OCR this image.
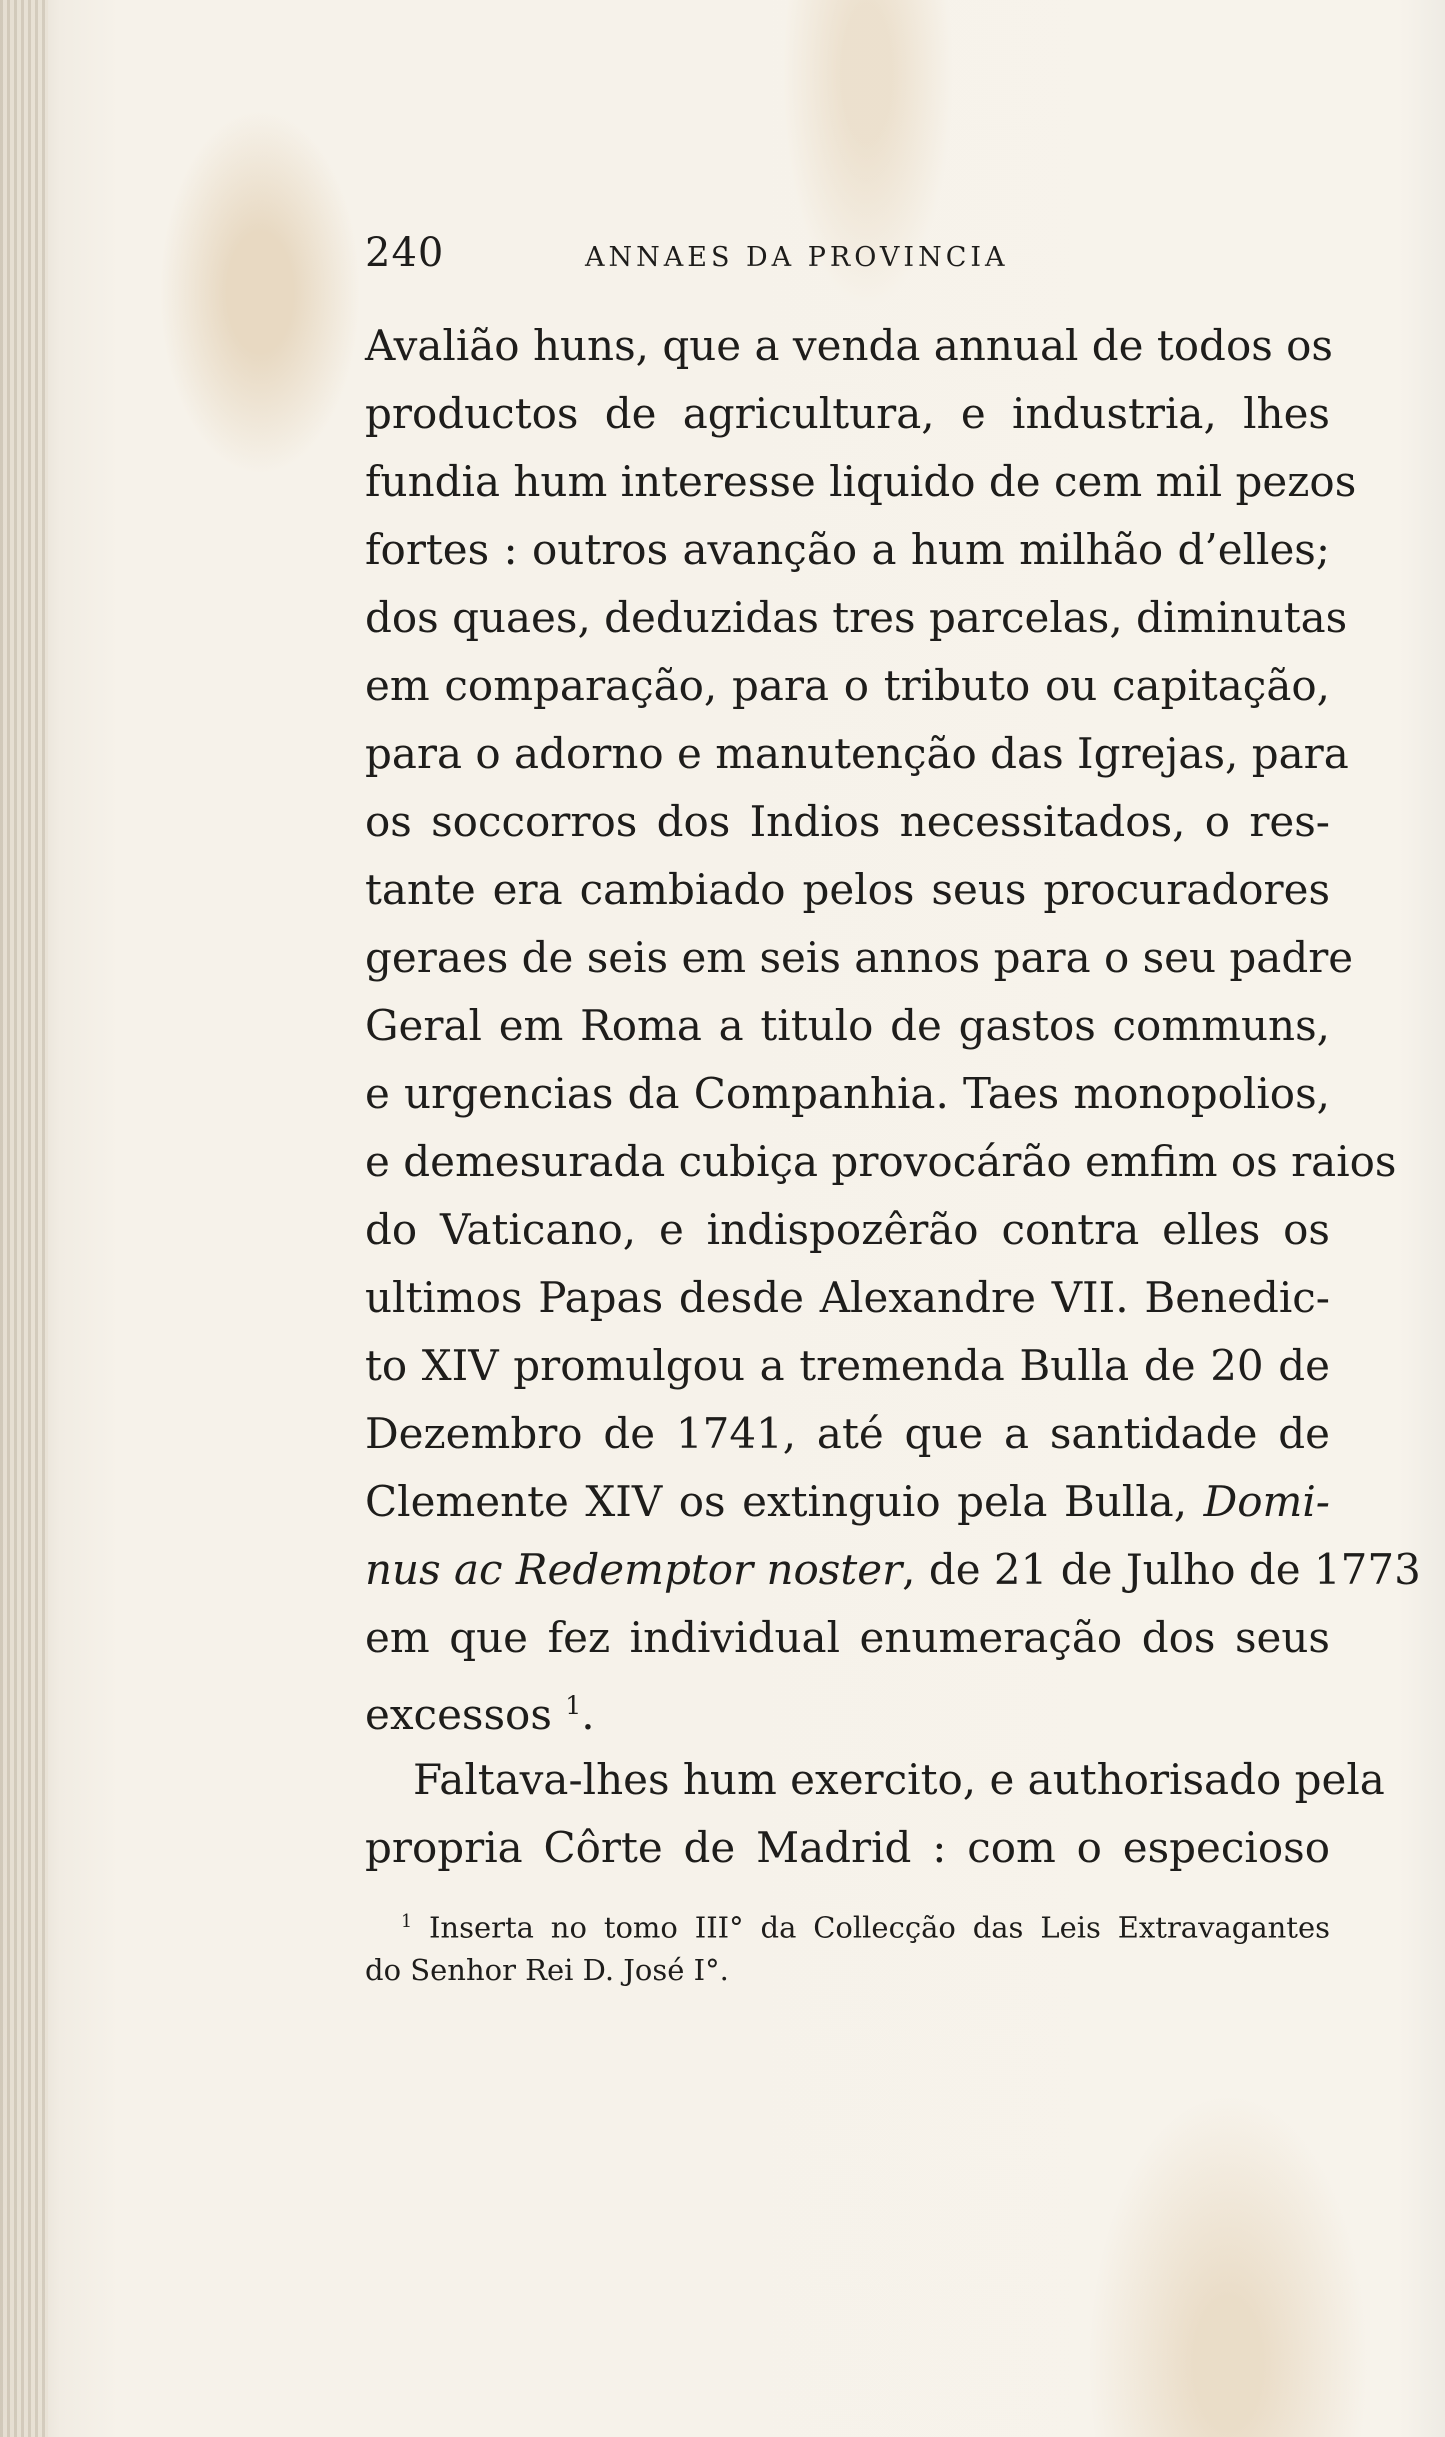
240	ANNAES DA PROVINCIA
Avalião huns, que a venda annual de todos os
productos de agricultura, e industria, lhes
fundia hum interesse liquido de cem mil pezos
fortes : outros avanção a hum milhão d’elles;
dos quaes, deduzidas tres parcelas, diminutas
em comparação, para o tributo ou capitação,
para o adorno e manutenção das Igrejas, para
os soccorros dos Indios necessitados, o res-
tante era cambiado pelos seus procuradores
geraes de seis em seis annos para o seu padre
Geral em Roma a titulo de gastos communs,
e urgencias da Companhia. Taes monopolios,
e demesurada cubiça provocárão emfim os raios
do Vaticano, e indispozêrão contra elles os
ultimos Papas desde Alexandre VII. Benedic-
to XIV promulgou a tremenda Bulla de 20 de
Dezembro de 1741, até que a santidade de
Clemente XIV os extinguio pela Bulla, Domi-
nus ac Redemptor noster, de 21 de Julho de 1773
em que fez individual enumeração dos seus
excessos $^1$.
Faltava-lhes hum exercito, e authorisado pela
propria Côrte de Madrid : com o especioso
$^1$ Inserta no tomo III° da Collecção das Leis Extravagantes
do Senhor Rei D. José I°.
